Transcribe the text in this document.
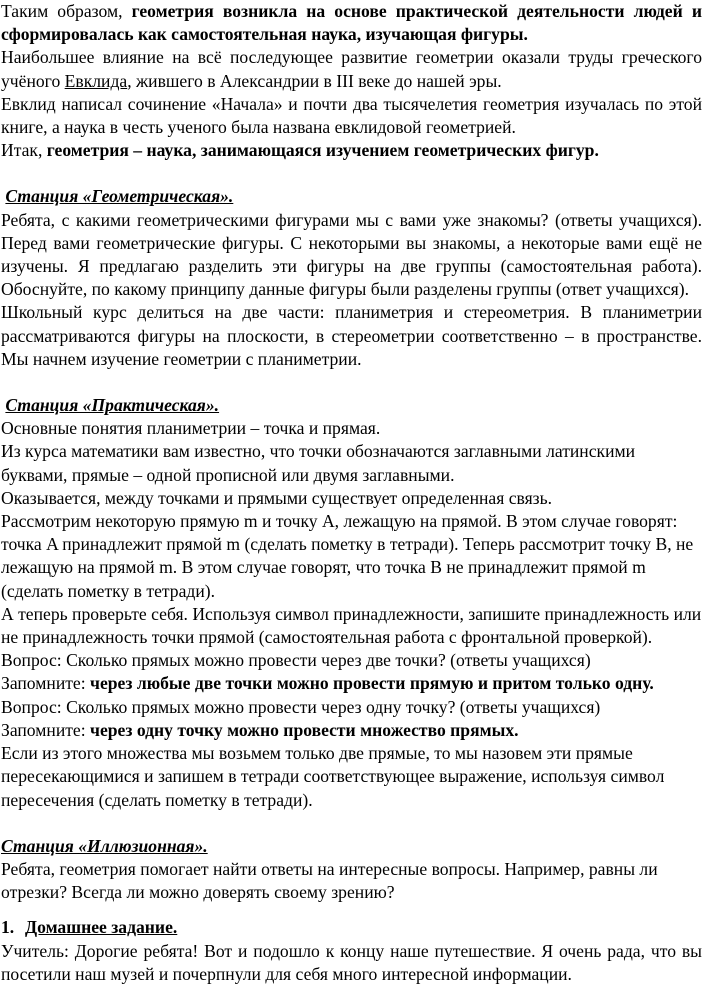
Таким образом, геометрия возникла на основе практической деятельности людей и сформировалась как самостоятельная наука, изучающая фигуры.

Наибольшее влияние на всё последующее развитие геометрии оказали труды греческого учёного Евклида, жившего в Александрии в III веке до нашей эры.

Евклид написал сочинение «Начала» и почти два тысячелетия геометрия изучалась по этой книге, а наука в честь ученого была названа евклидовой геометрией.

Итак, геометрия – наука, занимающаяся изучением геометрических фигур.

Станция «Геометрическая».

Ребята, с какими геометрическими фигурами мы с вами уже знакомы? (ответы учащихся). Перед вами геометрические фигуры. С некоторыми вы знакомы, а некоторые вами ещё не изучены. Я предлагаю разделить эти фигуры на две группы (самостоятельная работа). Обоснуйте, по какому принципу данные фигуры были разделены группы (ответ учащихся).

Школьный курс делиться на две части: планиметрия и стереометрия. В планиметрии рассматриваются фигуры на плоскости, в стереометрии соответственно – в пространстве. Мы начнем изучение геометрии с планиметрии.

Станция «Практическая».

Основные понятия планиметрии – точка и прямая.

Из курса математики вам известно, что точки обозначаются заглавными латинскими буквами, прямые – одной прописной или двумя заглавными.

Оказывается, между точками и прямыми существует определенная связь.

Рассмотрим некоторую прямую m и точку A, лежащую на прямой. В этом случае говорят: точка A принадлежит прямой m (сделать пометку в тетради). Теперь рассмотрит точку B, не лежащую на прямой m. В этом случае говорят, что точка B не принадлежит прямой m (сделать пометку в тетради).

А теперь проверьте себя. Используя символ принадлежности, запишите принадлежность или не принадлежность точки прямой (самостоятельная работа с фронтальной проверкой).

Вопрос: Сколько прямых можно провести через две точки? (ответы учащихся)

Запомните: через любые две точки можно провести прямую и притом только одну.

Вопрос: Сколько прямых можно провести через одну точку? (ответы учащихся)

Запомните: через одну точку можно провести множество прямых.

Если из этого множества мы возьмем только две прямые, то мы назовем эти прямые пересекающимися и запишем в тетради соответствующее выражение, используя символ пересечения (сделать пометку в тетради).

Станция «Иллюзионная».

Ребята, геометрия помогает найти ответы на интересные вопросы. Например, равны ли отрезки? Всегда ли можно доверять своему зрению?

1. Домашнее задание.

Учитель: Дорогие ребята! Вот и подошло к концу наше путешествие. Я очень рада, что вы посетили наш музей и почерпнули для себя много интересной информации.
